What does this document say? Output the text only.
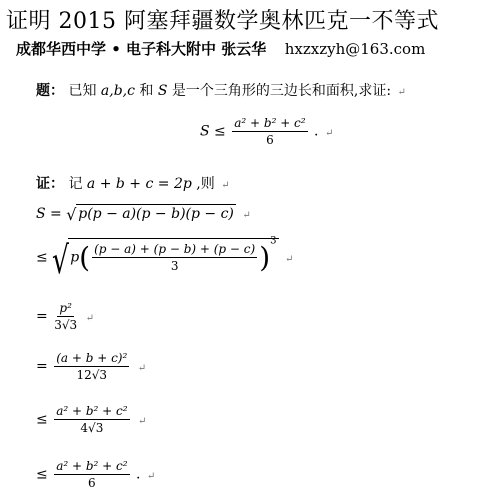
证明 2015 阿塞拜疆数学奥林匹克一不等式
成都华西中学 • 电子科大附中 张云华 hxzxzyh@163.com
题： 已知 a,b,c 和 S 是一个三角形的三边长和面积,求证: ↵
$S \le \frac{\text{a² + b² + c²}}{6}$ . ↵
证： 记 a + b + c = 2p ,则 ↵
S = √ p(p − a)(p − b)(p − c) ↵
≤ √ $p( \frac{(p - a) + (p - b) + (p - c)}{3} )^3$ ↵
= $\frac{\text{p²}}{3√3}$ ↵
= $\frac{\text{(a + b + c)²}}{12√3}$ ↵
≤ $\frac{\text{a² + b² + c²}}{4√3}$ ↵
≤ $\frac{\text{a² + b² + c²}}{6}$ . ↵
